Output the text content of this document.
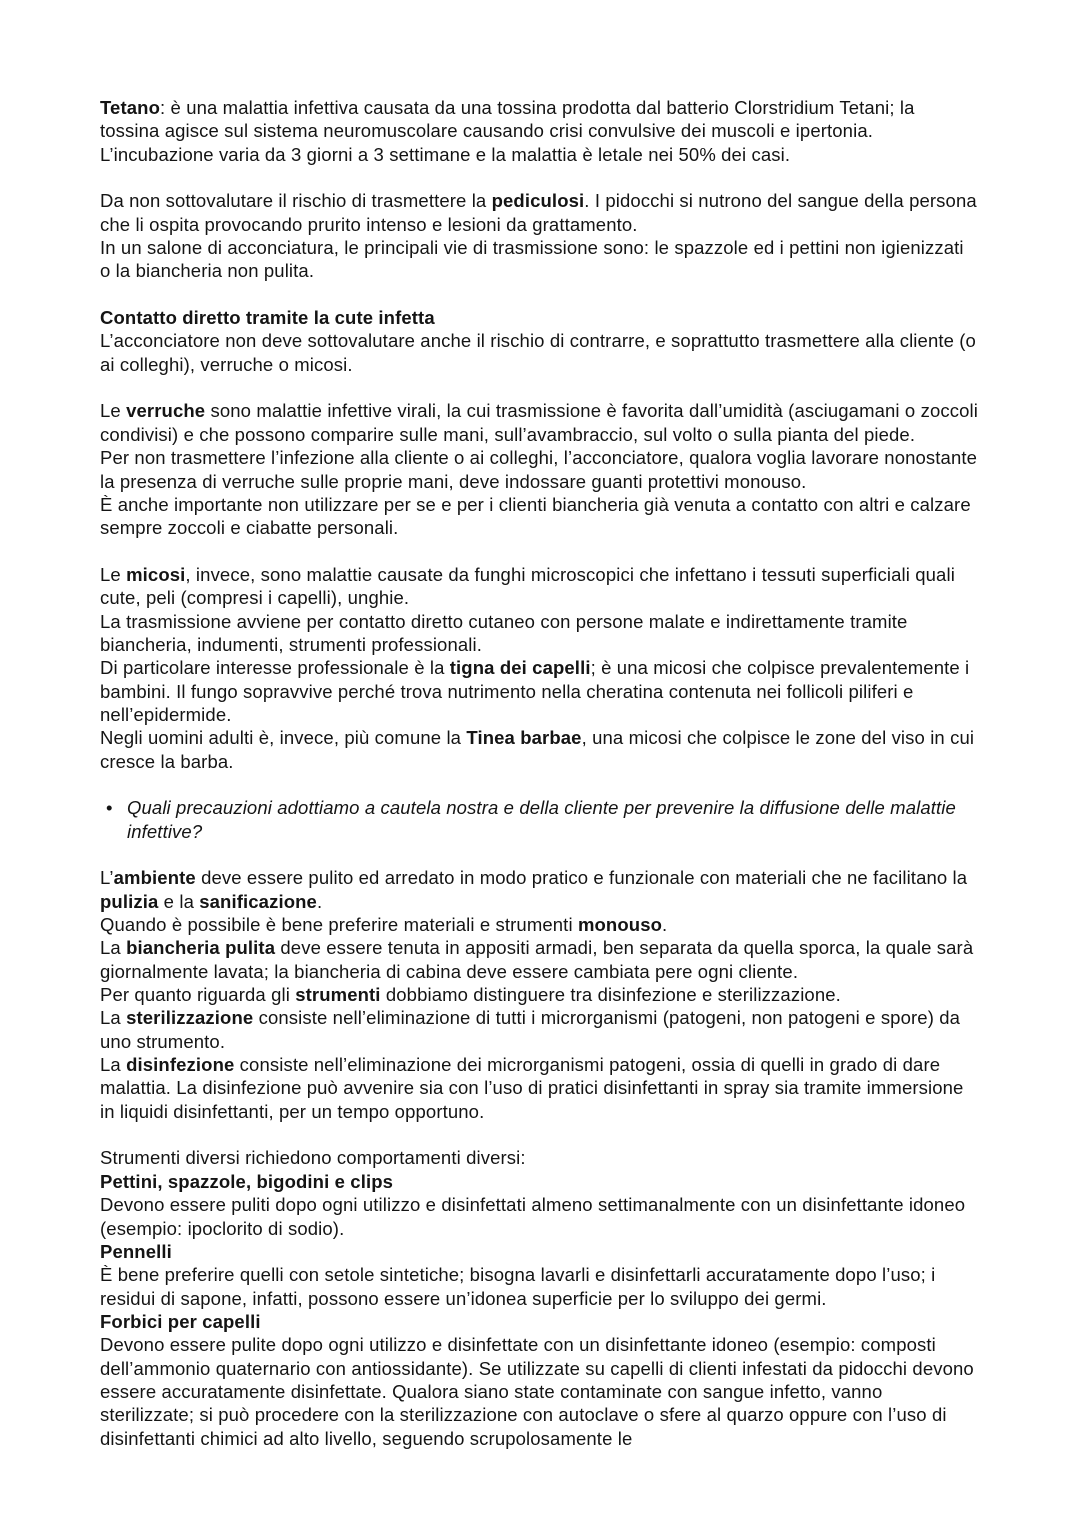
Tetano: è una malattia infettiva causata da una tossina prodotta dal batterio Clorstridium Tetani; la tossina agisce sul sistema neuromuscolare causando crisi convulsive dei muscoli e ipertonia.
L’incubazione varia da 3 giorni a 3 settimane e la malattia è letale nei 50% dei casi.
Da non sottovalutare il rischio di trasmettere la pediculosi. I pidocchi si nutrono del sangue della persona che li ospita provocando prurito intenso e lesioni da grattamento.
In un salone di acconciatura, le principali vie di trasmissione sono: le spazzole ed i pettini non igienizzati o la biancheria non pulita.
Contatto diretto tramite la cute infetta
L’acconciatore non deve sottovalutare anche il rischio di contrarre, e soprattutto trasmettere alla cliente (o ai colleghi), verruche o micosi.
Le verruche sono malattie infettive virali, la cui trasmissione è favorita dall’umidità (asciugamani o zoccoli condivisi) e che possono comparire sulle mani, sull’avambraccio, sul volto o sulla pianta del piede.
Per non trasmettere l’infezione alla cliente o ai colleghi, l’acconciatore, qualora voglia lavorare nonostante la presenza di verruche sulle proprie mani, deve indossare guanti protettivi monouso.
È anche importante non utilizzare per se e per i clienti biancheria già venuta a contatto con altri e calzare sempre zoccoli e ciabatte personali.
Le micosi, invece, sono malattie causate da funghi microscopici che infettano i tessuti superficiali quali cute, peli (compresi i capelli), unghie.
La trasmissione avviene per contatto diretto cutaneo con persone malate e indirettamente tramite biancheria, indumenti, strumenti professionali.
Di particolare interesse professionale è la tigna dei capelli; è una micosi che colpisce prevalentemente i bambini. Il fungo sopravvive perché trova nutrimento nella cheratina contenuta nei follicoli piliferi e nell’epidermide.
Negli uomini adulti è, invece, più comune la Tinea barbae, una micosi che colpisce le zone del viso in cui cresce la barba.
• Quali precauzioni adottiamo a cautela nostra e della cliente per prevenire la diffusione delle malattie infettive?
L’ambiente deve essere pulito ed arredato in modo pratico e funzionale con materiali che ne facilitano la pulizia e la sanificazione.
Quando è possibile è bene preferire materiali e strumenti monouso.
La biancheria pulita deve essere tenuta in appositi armadi, ben separata da quella sporca, la quale sarà giornalmente lavata; la biancheria di cabina deve essere cambiata pere ogni cliente.
Per quanto riguarda gli strumenti dobbiamo distinguere tra disinfezione e sterilizzazione.
La sterilizzazione consiste nell’eliminazione di tutti i microrganismi (patogeni, non patogeni e spore) da uno strumento.
La disinfezione consiste nell’eliminazione dei microrganismi patogeni, ossia di quelli in grado di dare malattia. La disinfezione può avvenire sia con l’uso di pratici disinfettanti in spray sia tramite immersione in liquidi disinfettanti, per un tempo opportuno.
Strumenti diversi richiedono comportamenti diversi:
Pettini, spazzole, bigodini e clips
Devono essere puliti dopo ogni utilizzo e disinfettati almeno settimanalmente con un disinfettante idoneo (esempio: ipoclorito di sodio).
Pennelli
È bene preferire quelli con setole sintetiche; bisogna lavarli e disinfettarli accuratamente dopo l’uso; i residui di sapone, infatti, possono essere un’idonea superficie per lo sviluppo dei germi.
Forbici per capelli
Devono essere pulite dopo ogni utilizzo e disinfettate con un disinfettante idoneo (esempio: composti dell’ammonio quaternario con antiossidante). Se utilizzate su capelli di clienti infestati da pidocchi devono essere accuratamente disinfettate. Qualora siano state contaminate con sangue infetto, vanno sterilizzate; si può procedere con la sterilizzazione con autoclave o sfere al quarzo oppure con l’uso di disinfettanti chimici ad alto livello, seguendo scrupolosamente le
